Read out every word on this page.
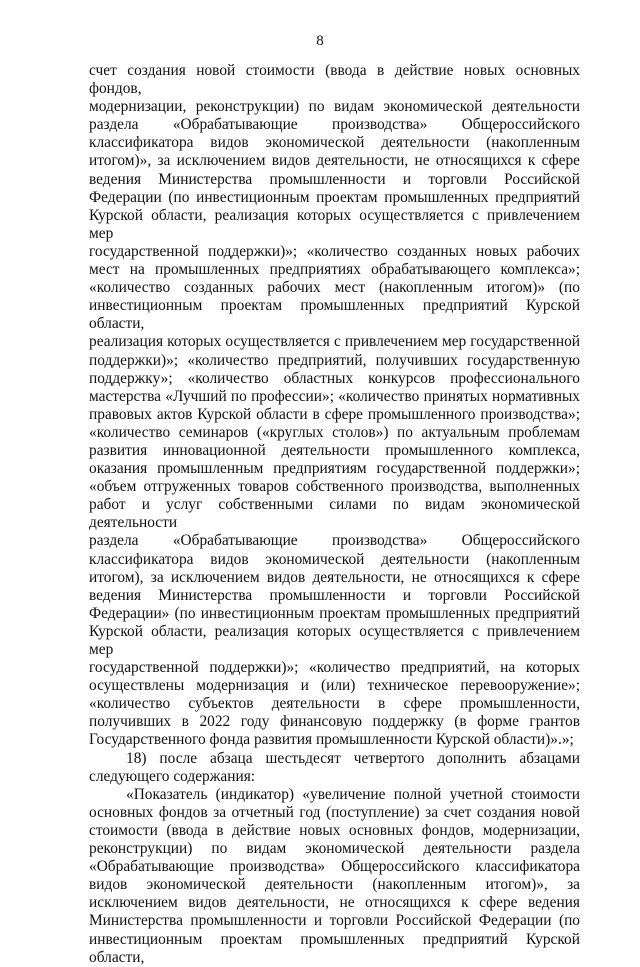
8

счет создания новой стоимости (ввода в действие новых основных фондов,

модернизации, реконструкции) по видам экономической деятельности

раздела «Обрабатывающие производства» Общероссийского

классификатора видов экономической деятельности (накопленным

итогом)», за исключением видов деятельности, не относящихся к сфере

ведения Министерства промышленности и торговли Российской

Федерации (по инвестиционным проектам промышленных предприятий

Курской области, реализация которых осуществляется с привлечением мер

государственной поддержки)»; «количество созданных новых рабочих

мест на промышленных предприятиях обрабатывающего комплекса»;

«количество созданных рабочих мест (накопленным итогом)» (по

инвестиционным проектам промышленных предприятий Курской области,

реализация которых осуществляется с привлечением мер государственной

поддержки)»; «количество предприятий, получивших государственную

поддержку»; «количество областных конкурсов профессионального

мастерства «Лучший по профессии»; «количество принятых нормативных

правовых актов Курской области в сфере промышленного производства»;

«количество семинаров («круглых столов») по актуальным проблемам

развития инновационной деятельности промышленного комплекса,

оказания промышленным предприятиям государственной поддержки»;

«объем отгруженных товаров собственного производства, выполненных

работ и услуг собственными силами по видам экономической деятельности

раздела «Обрабатывающие производства» Общероссийского

классификатора видов экономической деятельности (накопленным

итогом), за исключением видов деятельности, не относящихся к сфере

ведения Министерства промышленности и торговли Российской

Федерации» (по инвестиционным проектам промышленных предприятий

Курской области, реализация которых осуществляется с привлечением мер

государственной поддержки)»; «количество предприятий, на которых

осуществлены модернизация и (или) техническое перевооружение»;

«количество субъектов деятельности в сфере промышленности,

получивших в 2022 году финансовую поддержку (в форме грантов

Государственного фонда развития промышленности Курской области)».»;

18) после абзаца шестьдесят четвертого дополнить абзацами

следующего содержания:

«Показатель (индикатор) «увеличение полной учетной стоимости

основных фондов за отчетный год (поступление) за счет создания новой

стоимости (ввода в действие новых основных фондов, модернизации,

реконструкции) по видам экономической деятельности раздела

«Обрабатывающие производства» Общероссийского классификатора

видов экономической деятельности (накопленным итогом)», за

исключением видов деятельности, не относящихся к сфере ведения

Министерства промышленности и торговли Российской Федерации (по

инвестиционным проектам промышленных предприятий Курской области,
